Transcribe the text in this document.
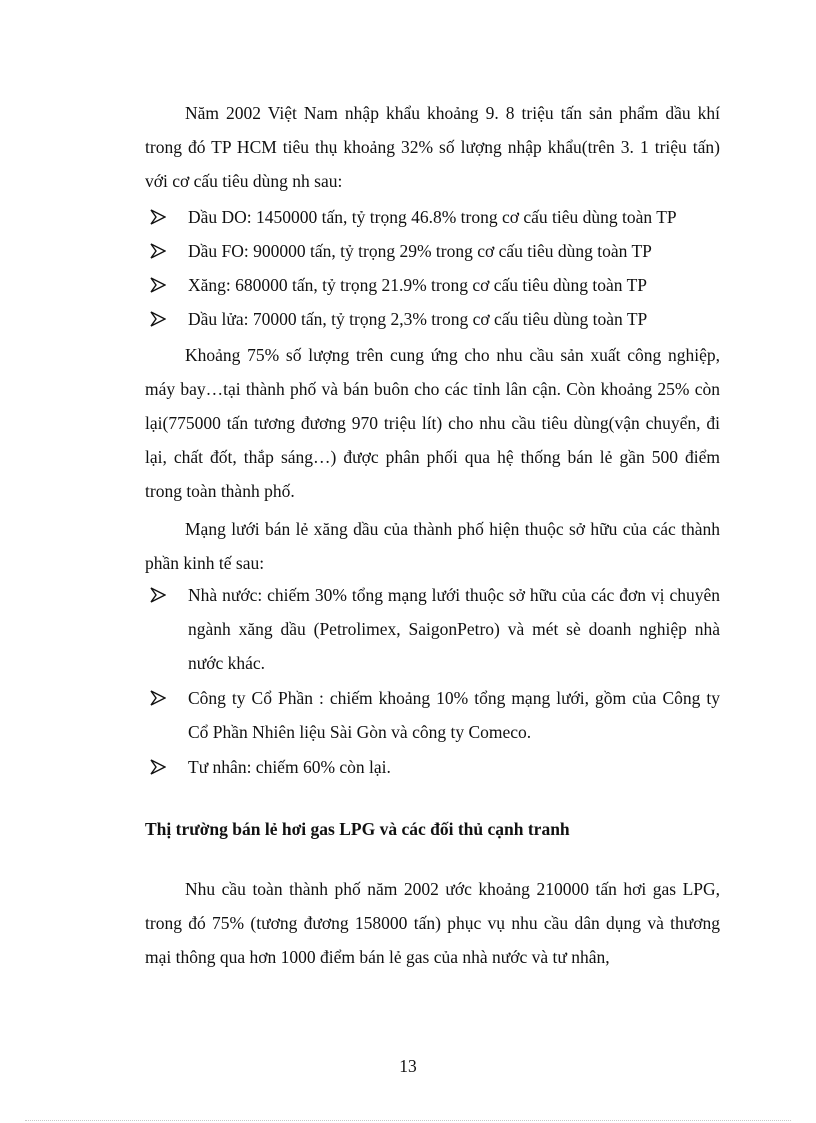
Năm 2002 Việt Nam nhập khẩu khoảng 9. 8 triệu tấn sản phẩm dầu khí trong đó TP HCM tiêu thụ khoảng 32% số lượng nhập khẩu(trên 3. 1 triệu tấn) với cơ cấu tiêu dùng nh sau:
Dầu DO: 1450000 tấn, tỷ trọng 46.8% trong cơ cấu tiêu dùng toàn TP
Dầu FO: 900000 tấn, tỷ trọng 29% trong cơ cấu tiêu dùng toàn TP
Xăng: 680000 tấn, tỷ trọng 21.9% trong cơ cấu tiêu dùng toàn TP
Dầu lửa: 70000 tấn, tỷ trọng 2,3% trong cơ cấu tiêu dùng toàn TP
Khoảng 75% số lượng trên cung ứng cho nhu cầu sản xuất công nghiệp, máy bay…tại thành phố và bán buôn cho các tỉnh lân cận. Còn khoảng 25% còn lại(775000 tấn tương đương 970 triệu lít) cho nhu cầu tiêu dùng(vận chuyển, đi lại, chất đốt, thắp sáng…) được phân phối qua hệ thống bán lẻ gần 500 điểm trong toàn thành phố.
Mạng lưới bán lẻ xăng dầu của thành phố hiện thuộc sở hữu của các thành phần kinh tế sau:
Nhà nước: chiếm 30% tổng mạng lưới thuộc sở hữu của các đơn vị chuyên ngành xăng dầu (Petrolimex, SaigonPetro) và mét sè doanh nghiệp nhà nước khác.
Công ty Cổ Phần : chiếm khoảng 10% tổng mạng lưới, gồm của Công ty Cổ Phần Nhiên liệu Sài Gòn và công ty Comeco.
Tư nhân: chiếm 60% còn lại.
Thị trường bán lẻ hơi gas LPG và các đối thủ cạnh tranh
Nhu cầu toàn thành phố năm 2002 ước khoảng 210000 tấn hơi gas LPG, trong đó 75% (tương đương 158000 tấn) phục vụ nhu cầu dân dụng và thương mại thông qua hơn 1000 điểm bán lẻ gas của nhà nước và tư nhân,
13
